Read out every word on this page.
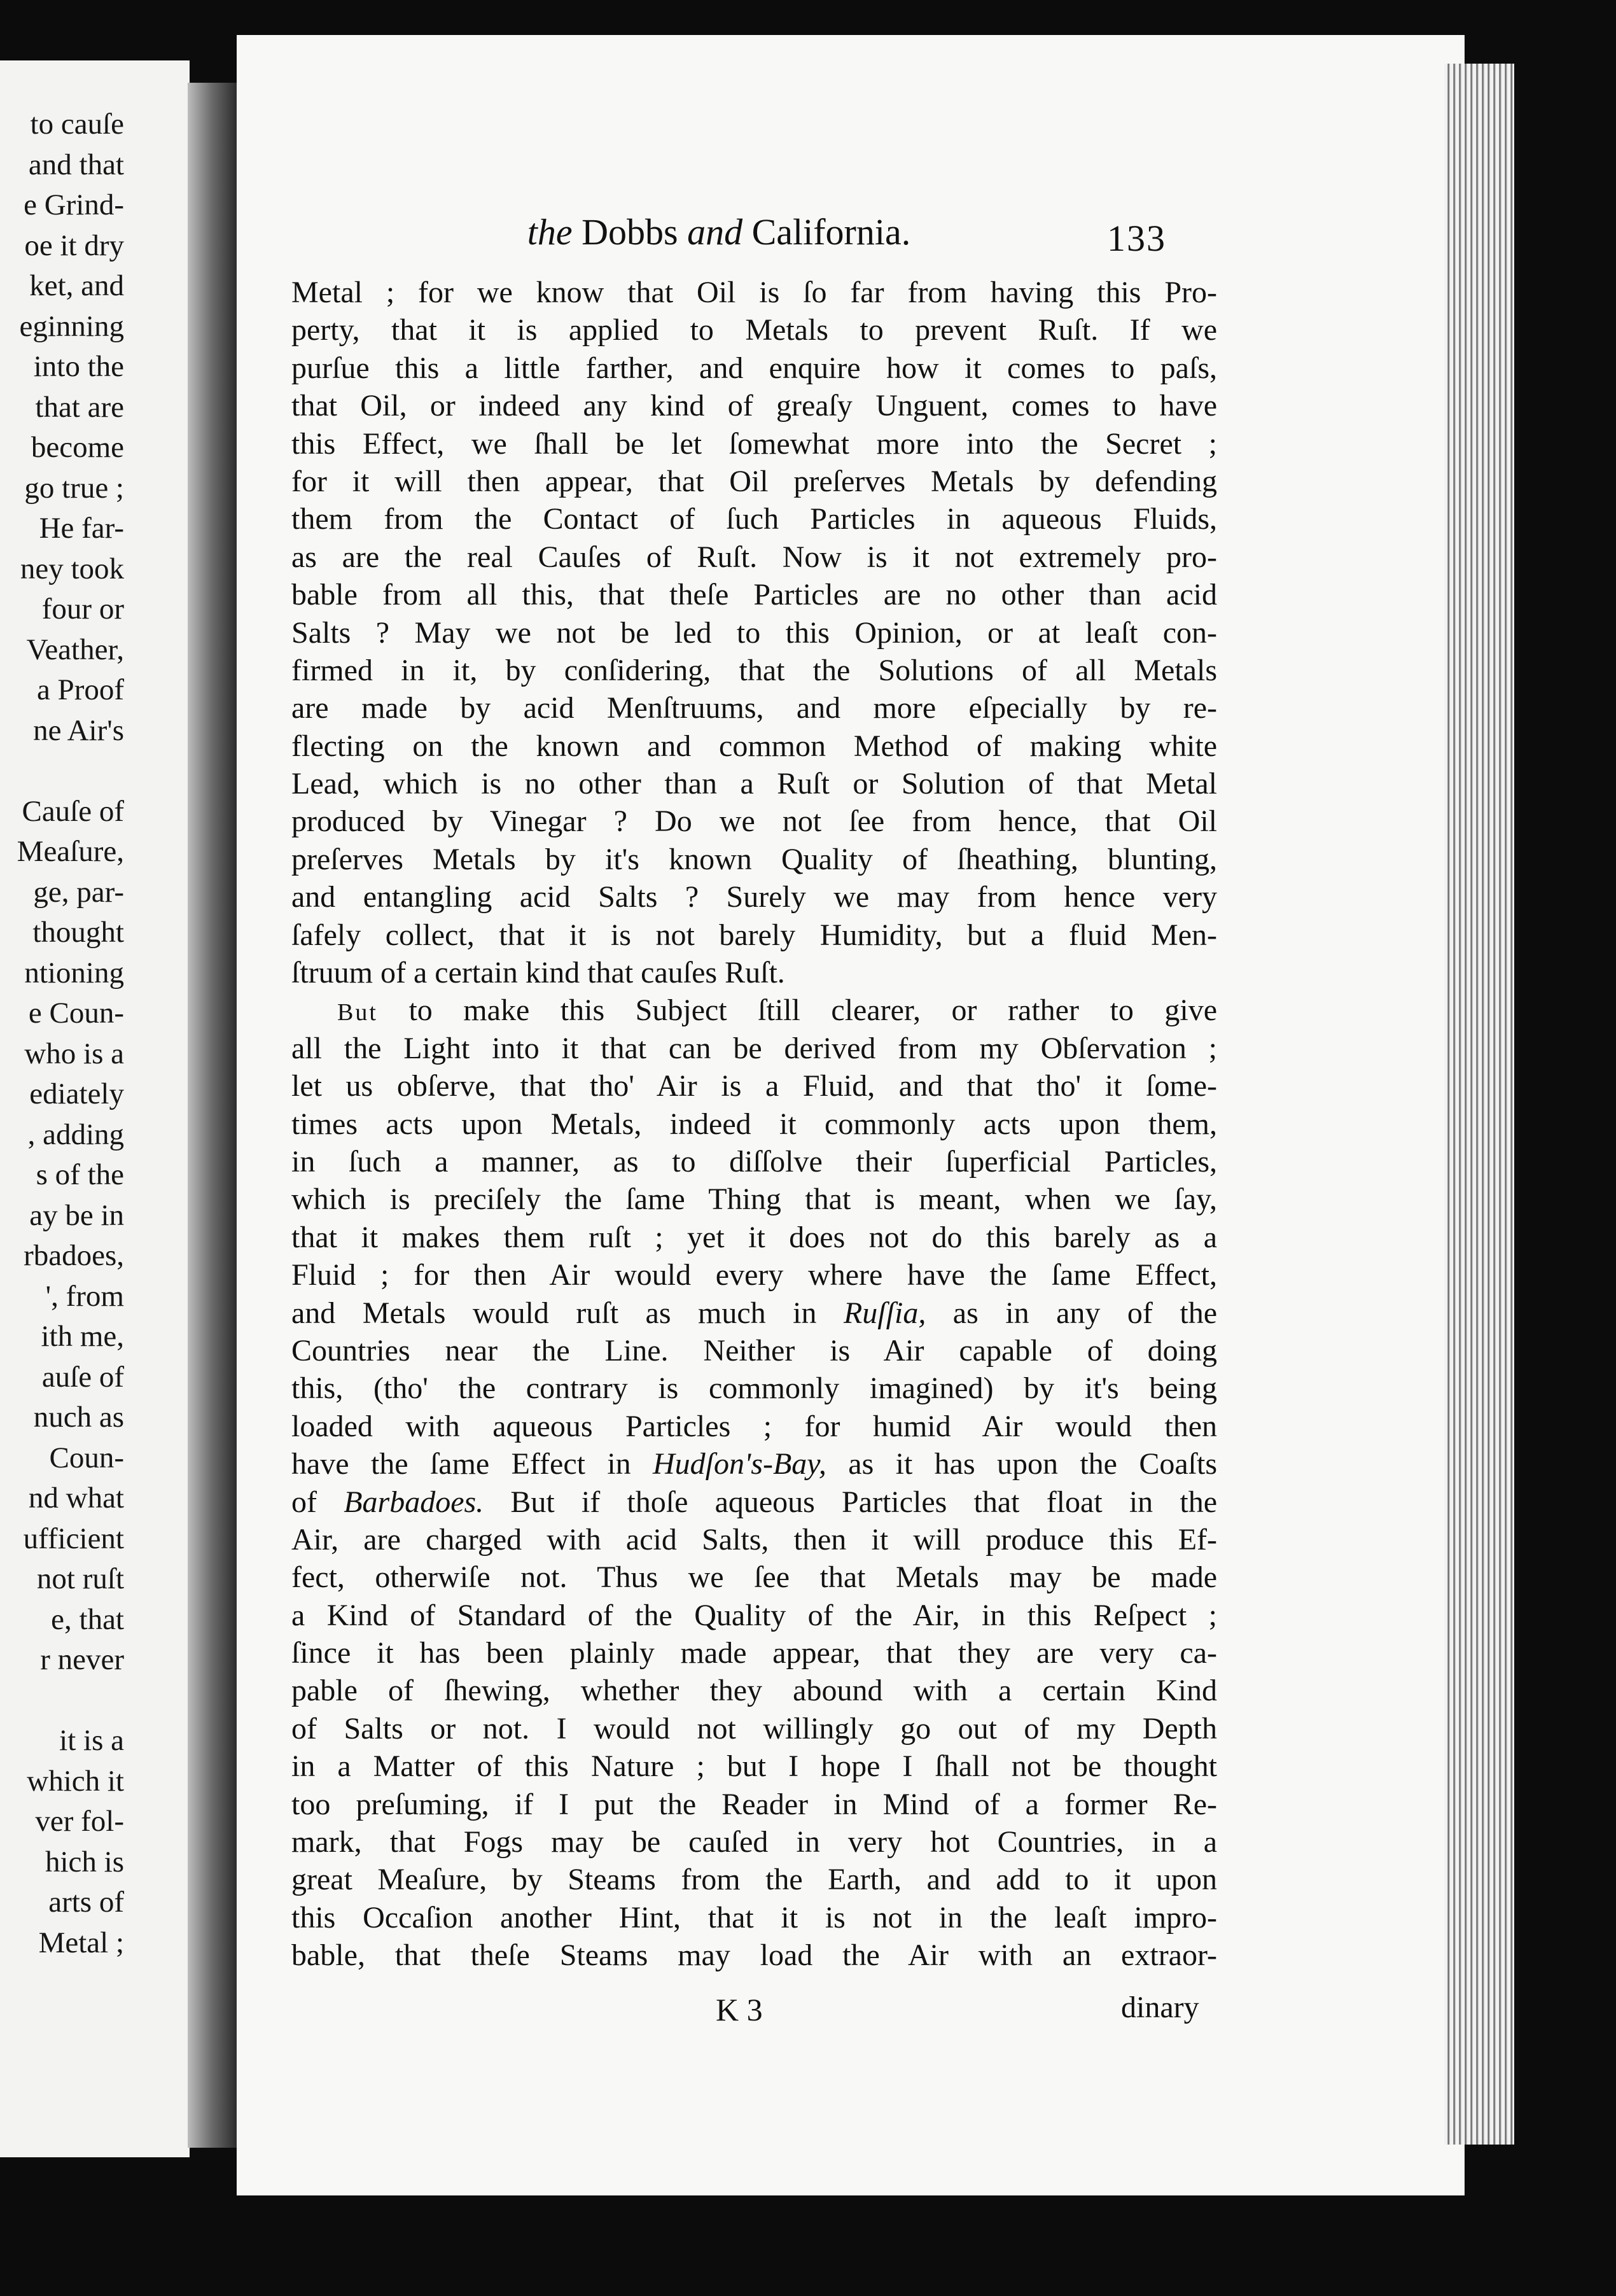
to cauſe
and that
e Grind-
oe it dry
ket, and
eginning
into the
that are
become
go true ;
He far-
ney took
four or
Veather,
a Proof
ne Air's
Cauſe of
Meaſure,
ge, par-
thought
ntioning
e Coun-
who is a
ediately
, adding
s of the
ay be in
rbadoes,
', from
ith me,
auſe of
nuch as
Coun-
nd what
ufficient
not ruſt
e, that
r never
it is a
which it
ver fol-
hich is
arts of
Metal ;
the Dobbs and California.	133
Metal ; for we know that Oil is ſo far from having this Pro-
perty, that it is applied to Metals to prevent Ruſt. If we
purſue this a little farther, and enquire how it comes to paſs,
that Oil, or indeed any kind of greaſy Unguent, comes to have
this Effect, we ſhall be let ſomewhat more into the Secret ;
for it will then appear, that Oil preſerves Metals by defending
them from the Contact of ſuch Particles in aqueous Fluids,
as are the real Cauſes of Ruſt. Now is it not extremely pro-
bable from all this, that theſe Particles are no other than acid
Salts ? May we not be led to this Opinion, or at leaſt con-
firmed in it, by conſidering, that the Solutions of all Metals
are made by acid Menſtruums, and more eſpecially by re-
flecting on the known and common Method of making white
Lead, which is no other than a Ruſt or Solution of that Metal
produced by Vinegar ? Do we not ſee from hence, that Oil
preſerves Metals by it's known Quality of ſheathing, blunting,
and entangling acid Salts ? Surely we may from hence very
ſafely collect, that it is not barely Humidity, but a fluid Men-
ſtruum of a certain kind that cauſes Ruſt.
But to make this Subject ſtill clearer, or rather to give
all the Light into it that can be derived from my Obſervation ;
let us obſerve, that tho' Air is a Fluid, and that tho' it ſome-
times acts upon Metals, indeed it commonly acts upon them,
in ſuch a manner, as to diſſolve their ſuperficial Particles,
which is preciſely the ſame Thing that is meant, when we ſay,
that it makes them ruſt ; yet it does not do this barely as a
Fluid ; for then Air would every where have the ſame Effect,
and Metals would ruſt as much in Ruſſia, as in any of the
Countries near the Line. Neither is Air capable of doing
this, (tho' the contrary is commonly imagined) by it's being
loaded with aqueous Particles ; for humid Air would then
have the ſame Effect in Hudſon's-Bay, as it has upon the Coaſts
of Barbadoes. But if thoſe aqueous Particles that float in the
Air, are charged with acid Salts, then it will produce this Ef-
fect, otherwiſe not. Thus we ſee that Metals may be made
a Kind of Standard of the Quality of the Air, in this Reſpect ;
ſince it has been plainly made appear, that they are very ca-
pable of ſhewing, whether they abound with a certain Kind
of Salts or not. I would not willingly go out of my Depth
in a Matter of this Nature ; but I hope I ſhall not be thought
too preſuming, if I put the Reader in Mind of a former Re-
mark, that Fogs may be cauſed in very hot Countries, in a
great Meaſure, by Steams from the Earth, and add to it upon
this Occaſion another Hint, that it is not in the leaſt impro-
bable, that theſe Steams may load the Air with an extraor-
K 3	dinary
